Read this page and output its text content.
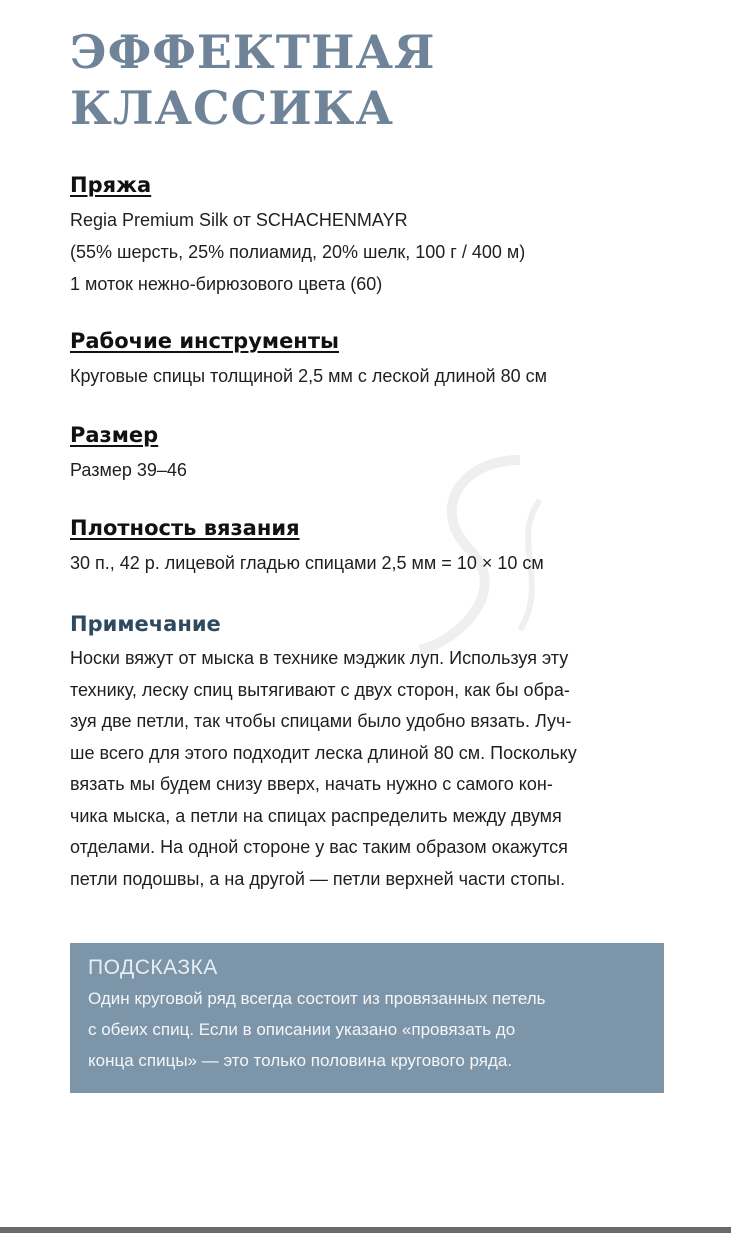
ЭФФЕКТНАЯ
КЛАССИКА
Пряжа

Regia Premium Silk от SCHACHENMAYR

(55% шерсть, 25% полиамид, 20% шелк, 100 г / 400 м)

1 моток нежно-бирюзового цвета (60)

Рабочие инструменты

Круговые спицы толщиной 2,5 мм с леской длиной 80 см

Размер

Размер 39–46

Плотность вязания

30 п., 42 р. лицевой гладью спицами 2,5 мм = 10 × 10 см

Примечание

Носки вяжут от мыска в технике мэджик луп. Используя эту

технику, леску спиц вытягивают с двух сторон, как бы обра-

зуя две петли, так чтобы спицами было удобно вязать. Луч-

ше всего для этого подходит леска длиной 80 см. Поскольку

вязать мы будем снизу вверх, начать нужно с самого кон-

чика мыска, а петли на спицах распределить между двумя

отделами. На одной стороне у вас таким образом окажутся

петли подошвы, а на другой — петли верхней части стопы.

ПОДСКАЗКА

Один круговой ряд всегда состоит из провязанных петель

с обеих спиц. Если в описании указано «провязать до

конца спицы» — это только половина кругового ряда.
